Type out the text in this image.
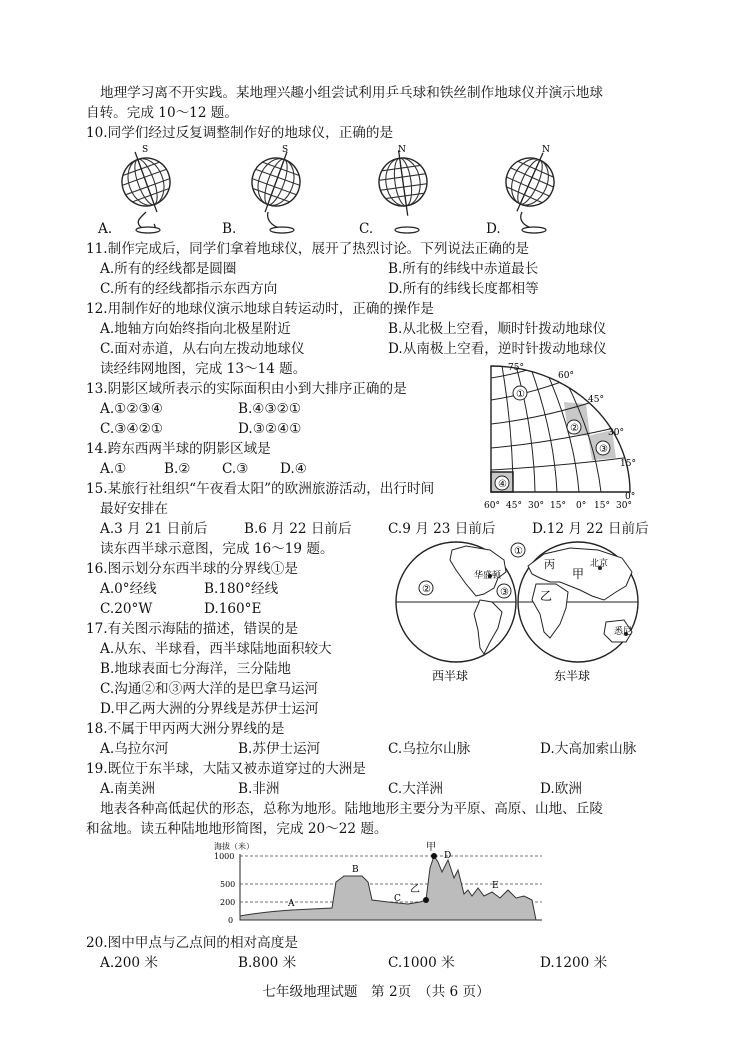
地理学习离不开实践。某地理兴趣小组尝试利用乒乓球和铁丝制作地球仪并演示地球
自转。完成 10～12 题。
10.同学们经过反复调整制作好的地球仪，正确的是
S	S	N	N
A.	B.	C.	D.
11.制作完成后，同学们拿着地球仪，展开了热烈讨论。下列说法正确的是
A.所有的经线都是圆圈	B.所有的纬线中赤道最长
C.所有的经线都指示东西方向	D.所有的纬线长度都相等
12.用制作好的地球仪演示地球自转运动时，正确的操作是
A.地轴方向始终指向北极星附近	B.从北极上空看，顺时针拨动地球仪
C.面对赤道，从右向左拨动地球仪	D.从南极上空看，逆时针拨动地球仪
读经纬网地图，完成 13～14 题。
13.阴影区域所表示的实际面积由小到大排序正确的是
A.①②③④	B.④③②①
C.③④②①	D.③②④①
14.跨东西两半球的阴影区域是
A.①	B.② C.③ D.④
15.某旅行社组织“午夜看太阳”的欧洲旅游活动，出行时间
最好安排在
A.3 月 21 日前后	B.6 月 22 日前后	C.9 月 23 日前后	D.12 月 22 日前后
①
②
③
④
75°
60°
45°
30°
15°
0°
60° 45° 30° 15° 0° 15° 30°
读东西半球示意图，完成 16～19 题。
16.图示划分东西半球的分界线①是
A.0°经线	B.180°经线
C.20°W	D.160°E
17.有关图示海陆的描述，错误的是
A.从东、半球看，西半球陆地面积较大
B.地球表面七分海洋，三分陆地
C.沟通②和③两大洋的是巴拿马运河
D.甲乙两大洲的分界线是苏伊士运河
①
②	③
华盛顿
丙	北京
甲
乙
悉尼
西半球	东半球
18.不属于甲丙两大洲分界线的是
A.乌拉尔河	B.苏伊士运河	C.乌拉尔山脉	D.大高加索山脉
19.既位于东半球，大陆又被赤道穿过的大洲是
A.南美洲	B.非洲	C.大洋洲	D.欧洲
地表各种高低起伏的形态，总称为地形。陆地地形主要分为平原、高原、山地、丘陵
和盆地。读五种陆地地形简图，完成 20～22 题。
海拔（米）
1000
500
200
0
A
B
C
乙
甲
D
E
20.图中甲点与乙点间的相对高度是
A.200 米	B.800 米	C.1000 米	D.1200 米
七年级地理试题　第 2页　（共 6 页）
